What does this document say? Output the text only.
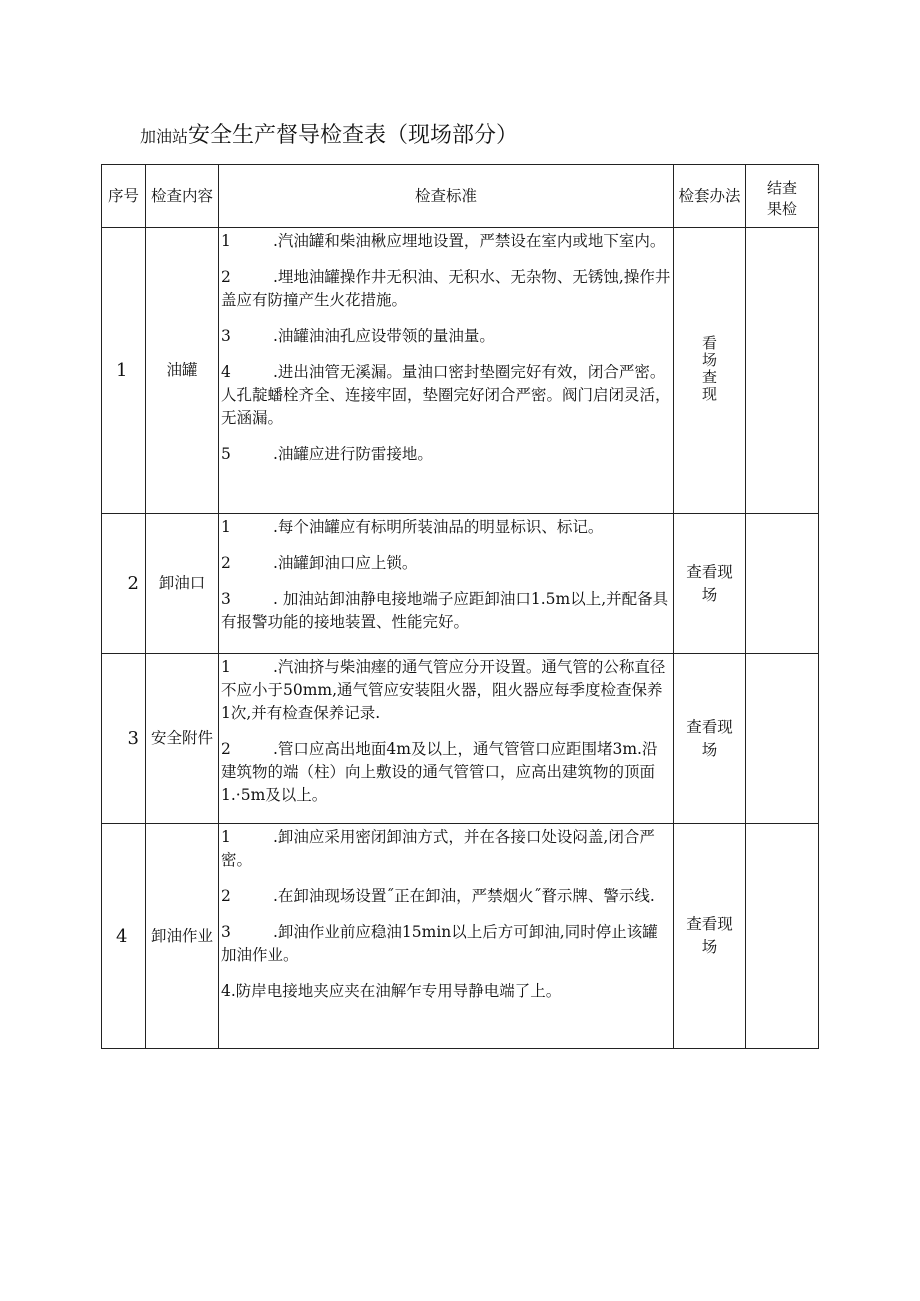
加油站安全生产督导检查表（现场部分）
序号	检查内容	检查标准	检套办法	结查果检
1	油罐	1 .汽油罐和柴油楸应埋地设置，严禁设在室内或地下室内。
2 .埋地油罐操作井无积油、无积水、无杂物、无锈蚀,操作井盖应有防撞产生火花措施。
3 .油罐油油孔应设带领的量油量。
4 .进出油管无溪漏。量油口密封垫圈完好有效，闭合严密。人孔靛蟠栓齐全、连接牢固，垫圈完好闭合严密。阀门启闭灵活，无涵漏。
5 .油罐应进行防雷接地。	看场查现	
2	卸油口	1 .每个油罐应有标明所装油品的明显标识、标记。
2 .油罐卸油口应上锁。
3 . 加油站卸油静电接地端子应距卸油口1.5m以上,并配备具有报警功能的接地装置、性能完好。	查看现场	
3	安全附件	1 .汽油挤与柴油瘗的通气管应分开设置。通气管的公称直径不应小于50mm,通气管应安装阻火器，阻火器应每季度检查保养1次,并有检查保养记录.
2 .管口应高出地面4m及以上，通气管管口应距围堵3m.沿建筑物的端（柱）向上敷设的通气管管口，应高出建筑物的顶面1.·5m及以上。	查看现场	
4	卸油作业	1 .卸油应采用密闭卸油方式，并在各接口处设闷盖,闭合严密。
2 .在卸油现场设置˝正在卸油，严禁烟火˝瞀示牌、警示线.
3 .卸油作业前应稳油15min以上后方可卸油,同时停止该罐加油作业。
4.防岸电接地夹应夹在油解乍专用导静电端了上。	查看现场	
